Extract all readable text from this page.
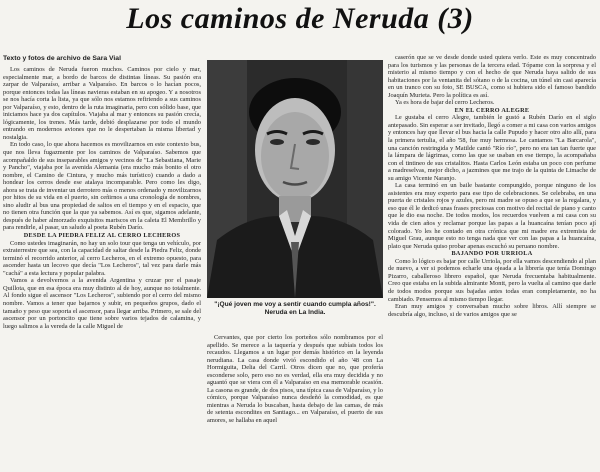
Los caminos de Neruda (3)
Texto y fotos de archivo de Sara Vial

Los caminos de Neruda fueron muchos. Caminos por cielo y mar, especialmente mar, a bordo de barcos de distintas líneas. Su pasión era zarpar de Valparaíso, arribar a Valparaíso. En barcos o lo hacían pocos, porque entonces todas las líneas navieras estaban en su apogeo. Y a nosotros se nos hacía corta la lista, ya que sólo nos estamos refiriendo a sus caminos por Valparaíso, y esto, dentro de la ruta imaginaria, pero con sólido base, que iniciamos hace ya dos capítulos. Viajaba al mar y entonces su pasión crecía, lógicamente, los trenes. Más tarde, debió desplazarse por todo el mundo entrando en modernos aviones que no le despertaban la misma libertad y nostalgia.

En todo caso, lo que ahora hacemos es movilizarnos en este contexto bus, que nos lleva fugazmente por los caminos de Valparaíso. Sabemos que acompañaldo de sus inseparables amigos y vecinos de "La Sebastiana, Marie y Pancho", viajaba por la avenida Alemania (era mucho más bonito el otro nombre, el Camino de Cintura, y mucho más turístico) cuando a dado a hondear los cerros desde ese atalaya incomparable. Pero como les digo, ahora se trata de inventar un derrotero más o menos ordenado y movilizarnos por hitos de su vida en el puerto, sin ceñirnos a una cronología de nombres, sino aludir al bus una propiedad de saltos en el tiempo y en el espacio, que no tienen otra función que la que ya sabemos. Así es que, sigamos adelante, después de haber almorzado exquisitos mariscos en la caleta El Membrillo y para rendirle, al pasar, un saludo al poeta Rubén Darío.

DESDE LA PIEDRA FELIZ AL CERRO LECHEROS

Como ustedes imaginarán, no hay un solo tour que tenga un vehículo, por extraterrestre que sea, con la capacidad de saltar desde la Piedra Feliz, donde terminó el recorrido anterior, al cerro Lecheros, en el extremo opuesto, para ascender hasta un lecovo que decía "Los Lecheros", tal vez para darle más "cachá" a esta lectura y popular palabra.

Vamos a devolvernos a la avenida Argentina y cruzar por el pasaje Quillota, que en esa época era muy distinto al de hoy, aunque no totalmente. Al fondo sigue el ascensor "Los Lecheros", subiendo por el cerro del mismo nombre. Vamos a tener que bajarnos y subir, en pequeños grupos, dado el tamaño y peso que soporta el ascensor, para llegar arriba. Primero, se sale del ascensor por un portoncito que tiene sobre varios tejados de calamina, y luego salimos a la vereda de la calle Miguel de

"¡Qué joven me voy a sentir cuando cumpla años!". Neruda en La India.

Cervantes, que por cierto los porteños sólo nombramos por el apellido. Se merece a la taquería y después que subíais todos los recaudos. Llegamos a un lugar por demás histórico en la leyenda nerudiana. La casa donde vivió escondido el año '48 con La Hormiguita, Delia del Carril. Otros dicen que no, que profería esconderse solo, pero eso no es verdad, ella era muy decidida y no aguantó que se viera con él a Valparaíso en esa memorable ocasión. La casona es grande, de dos pisos, una típica casa de Valparaíso, y lo cómico, porque Valparaíso nunca desdeñó la comodidad, es que mientras a Neruda lo buscaban, hasta debajo de las camas, de más de setenta escondites en Santiago... en Valparaíso, el puerto de sus amores, se hallaba en aquel

caserón que se ve desde donde usted quiera verlo. Este es muy concentrado para los turismos y las personas de la tercera edad. Tópame con la sorpresa y el misterio al mismo tiempo y con el hecho de que Neruda haya salido de sus habitaciones por la ventanita del sótano o de la cocina, un túnel sin casi aparecía en un tranco con su foto, SE BUSCA, como si hubiera sido el famoso bandido Joaquín Murieta. Pero la política es así.

Ya es hora de bajar del cerro Lecheros.

EN EL CERRO ALEGRE

Le gustaba el cerro Alegre, también le gustó a Rubén Darío en el siglo antepasado. Sin esperar a ser invitado, llegó a comer a mi casa con varios amigos y entonces hay que llevar el bus hacia la calle Pupudo y hacer otro alto allí, para la primera tertulia, el año '58, fue muy hermosa. Le cantamos "La Barcarola", una canción restringida y Matilde cantó "Río río", pero no era tan tan fuerte que la lámpara de lágrimas, como las que se usaban en ese tiempo, la acompañaba con el tintineo de sus cristalitos. Hasta Carlos León estaba un poco con perfume a madreselvas, mejor dicho, a jazmines que me trajo de la quinta de Limache de su amigo Vicente Naranjo.

La casa terminó en un baile bastante compungido, porque ninguno de los asistentes era muy experto para ese tipo de celebraciones. Se celebraba, en una puerta de cristales rojos y azules, pero mi madre se opuso a que se la regalara, y eso que él le dedicó unas frases preciosas con motivo del recital de piano y canto que le dio esa noche. De todos modos, los recuerdos vuelven a mi casa con su vida de cien años y reclamar porque las papas a la huancaína tenían poco ají colorado. Yo les he contado en otra crónica que mi madre era extremista de Miguel Grau, aunque esto no tenga nada que ver con las papas a la huancaína, plato que Neruda quiso probar apenas escuchó su peruano nombre.

BAJANDO POR URRIOLA

Como lo lógico es bajar por calle Urriola, por ella vamos descendiendo al plan de nuevo, a ver si podemos echarle una ojeada a la librería que tenía Domingo Pizarro, caballeroso librero español, que Neruda frecuentaba habitualmente. Creo que estaba en la subida almirante Montt, pero la vuelta al camino que darle de todos modos porque sus bajadas antes todas eran completamente, no ha cambiado. Pensemos al mismo tiempo llegar.

Eran muy amigos y conversaban mucho sobre libros. Allí siempre se descubría algo, incluso, si de varios amigos que se
